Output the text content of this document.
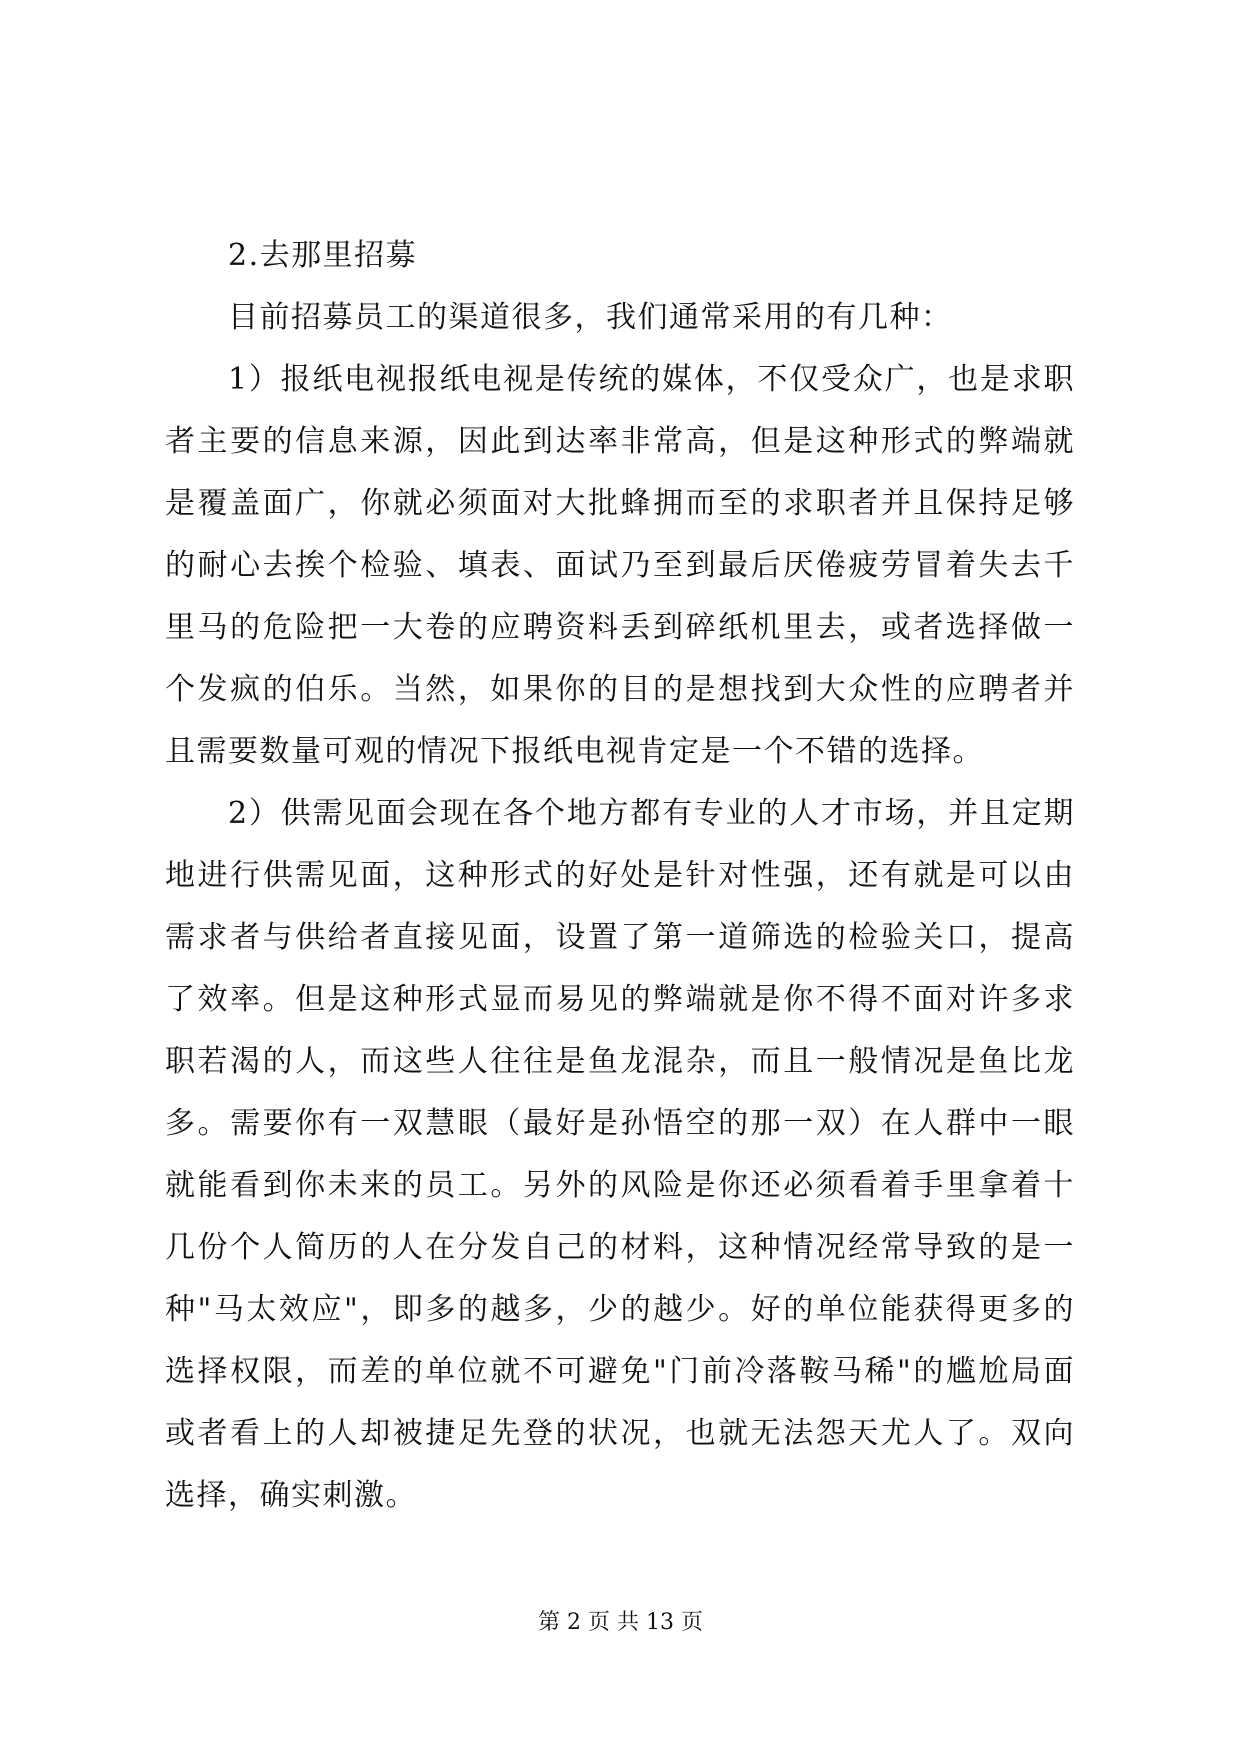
2.去那里招募

目前招募员工的渠道很多，我们通常采用的有几种：

1）报纸电视报纸电视是传统的媒体，不仅受众广，也是求职者主要的信息来源，因此到达率非常高，但是这种形式的弊端就是覆盖面广，你就必须面对大批蜂拥而至的求职者并且保持足够的耐心去挨个检验、填表、面试乃至到最后厌倦疲劳冒着失去千里马的危险把一大卷的应聘资料丢到碎纸机里去，或者选择做一个发疯的伯乐。当然，如果你的目的是想找到大众性的应聘者并且需要数量可观的情况下报纸电视肯定是一个不错的选择。

2）供需见面会现在各个地方都有专业的人才市场，并且定期地进行供需见面，这种形式的好处是针对性强，还有就是可以由需求者与供给者直接见面，设置了第一道筛选的检验关口，提高了效率。但是这种形式显而易见的弊端就是你不得不面对许多求职若渴的人，而这些人往往是鱼龙混杂，而且一般情况是鱼比龙多。需要你有一双慧眼（最好是孙悟空的那一双）在人群中一眼就能看到你未来的员工。另外的风险是你还必须看着手里拿着十几份个人简历的人在分发自己的材料，这种情况经常导致的是一种"马太效应"，即多的越多，少的越少。好的单位能获得更多的选择权限，而差的单位就不可避免"门前冷落鞍马稀"的尴尬局面或者看上的人却被捷足先登的状况，也就无法怨天尤人了。双向选择，确实刺激。

第 2 页 共 13 页
